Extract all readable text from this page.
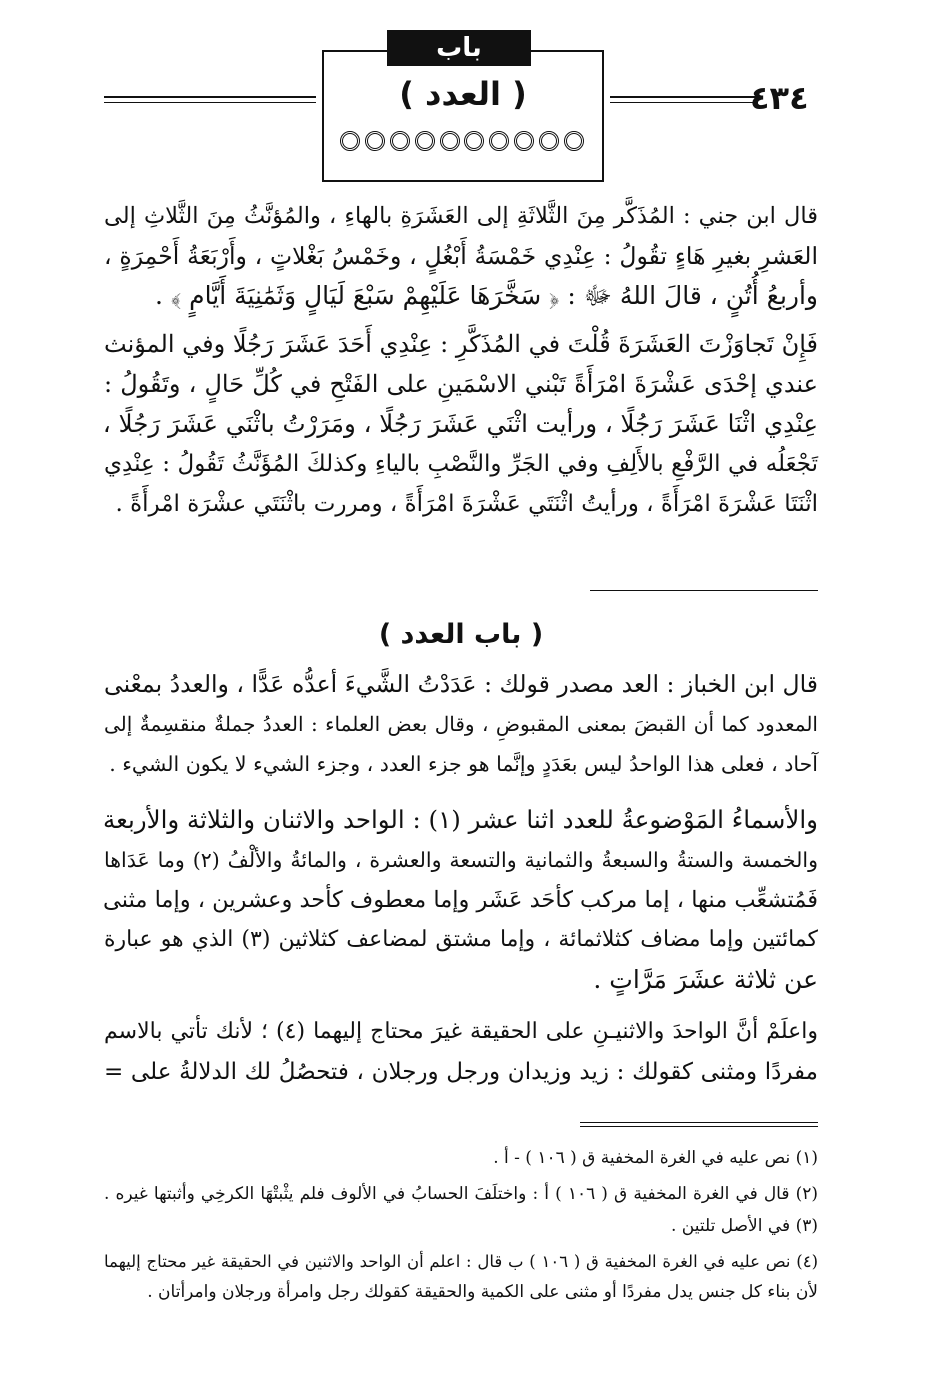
٤٣٤
باب
( العدد )
قال ابن جني : المُذَكَّر مِنَ الثَّلاثَةِ إلى العَشَرَةِ بالهاءِ ، والمُؤنَّثُ مِنَ الثَّلاثِ إلى
العَشرِ بغيرِ هَاءٍ تقُولُ : عِنْدِي خَمْسَةُ أَبْغُلٍ ، وخَمْسُ بَغْلاتٍ ، وأَرْبَعَةُ أَحْمِرَةٍ ،
وأربعُ أُتُنٍ ، قالَ اللهُ ﷻ : ﴿ سَخَّرَهَا عَلَيْهِمْ سَبْعَ لَيَالٍ وَثَمَٰنِيَةَ أَيَّامٍ ﴾ .
فَإِنْ تَجاوَزْتَ العَشَرَةَ قُلْتَ في المُذَكَّرِ : عِنْدِي أَحَدَ عَشَرَ رَجُلًا وفي المؤنث
عندي إحْدَى عَشْرَةَ امْرَأَةً تَبْني الاسْمَينِ على الفَتْحِ في كُلِّ حَالٍ ، وتَقُولُ :
عِنْدِي اثْنَا عَشَرَ رَجُلًا ، ورأيت اثْنَي عَشَرَ رَجُلًا ، ومَرَرْتُ باثْنَي عَشَرَ رَجُلًا ،
تَجْعَلُه في الرَّفْعِ بالأَلِفِ وفي الجَرِّ والنَّصْبِ بالياءِ وكذلكَ المُؤَنَّثُ تَقُولُ : عِنْدِي
اثْنَتَا عَشْرَةَ امْرَأَةً ، ورأيتُ اثْنَتَي عَشْرَةَ امْرَأَةً ، ومررت باثْنَتَي عشْرَة امْرأَةً .
( باب العدد )
قال ابن الخباز : العد مصدر قولك : عَدَدْتُ الشَّيءَ أعدُّه عَدًّا ، والعددُ بمعْنى
المعدود كما أن القبضَ بمعنى المقبوضِ ، وقال بعض العلماء : العددُ جملةٌ منقسِمةٌ إلى
آحاد ، فعلى هذا الواحدُ ليس بعَدَدٍ وإنَّما هو جزء العدد ، وجزء الشيء لا يكون الشيء .
والأسماءُ المَوْضوعةُ للعدد اثنا عشر (١) : الواحد والاثنان والثلاثة والأربعة
والخمسة والستةُ والسبعةُ والثمانية والتسعة والعشرة ، والمائةُ والألْفُ (٢) وما عَدَاها
فَمُتشعِّب منها ، إما مركب كأحَد عَشَر وإما معطوف كأحد وعشرين ، وإما مثنى
كمائتين وإما مضاف كثلاثمائة ، وإما مشتق لمضاعف كثلاثين (٣) الذي هو عبارة
عن ثلاثة عشَرَ مَرَّاتٍ .
واعلَمْ أنَّ الواحدَ والاثنيـنِ على الحقيقة غيرَ محتاج إليهما (٤) ؛ لأنك تأتي بالاسم
مفردًا ومثنى كقولك : زيد وزيدان ورجل ورجلان ، فتحصُلُ لك الدلالةُ على =
(١) نص عليه في الغرة المخفية ق ( ١٠٦ ) - أ .
(٢) قال في الغرة المخفية ق ( ١٠٦ ) أ : واختلَفَ الحسابُ في الألوف فلم يثْبتْهَا الكرخِي وأثبتها غيره .
(٣) في الأصل تلتين .
(٤) نص عليه في الغرة المخفية ق ( ١٠٦ ) ب قال : اعلم أن الواحد والاثنين في الحقيقة غير محتاج إليهما
لأن بناء كل جنس يدل مفردًا أو مثنى على الكمية والحقيقة كقولك رجل وامرأة ورجلان وامرأتان .
